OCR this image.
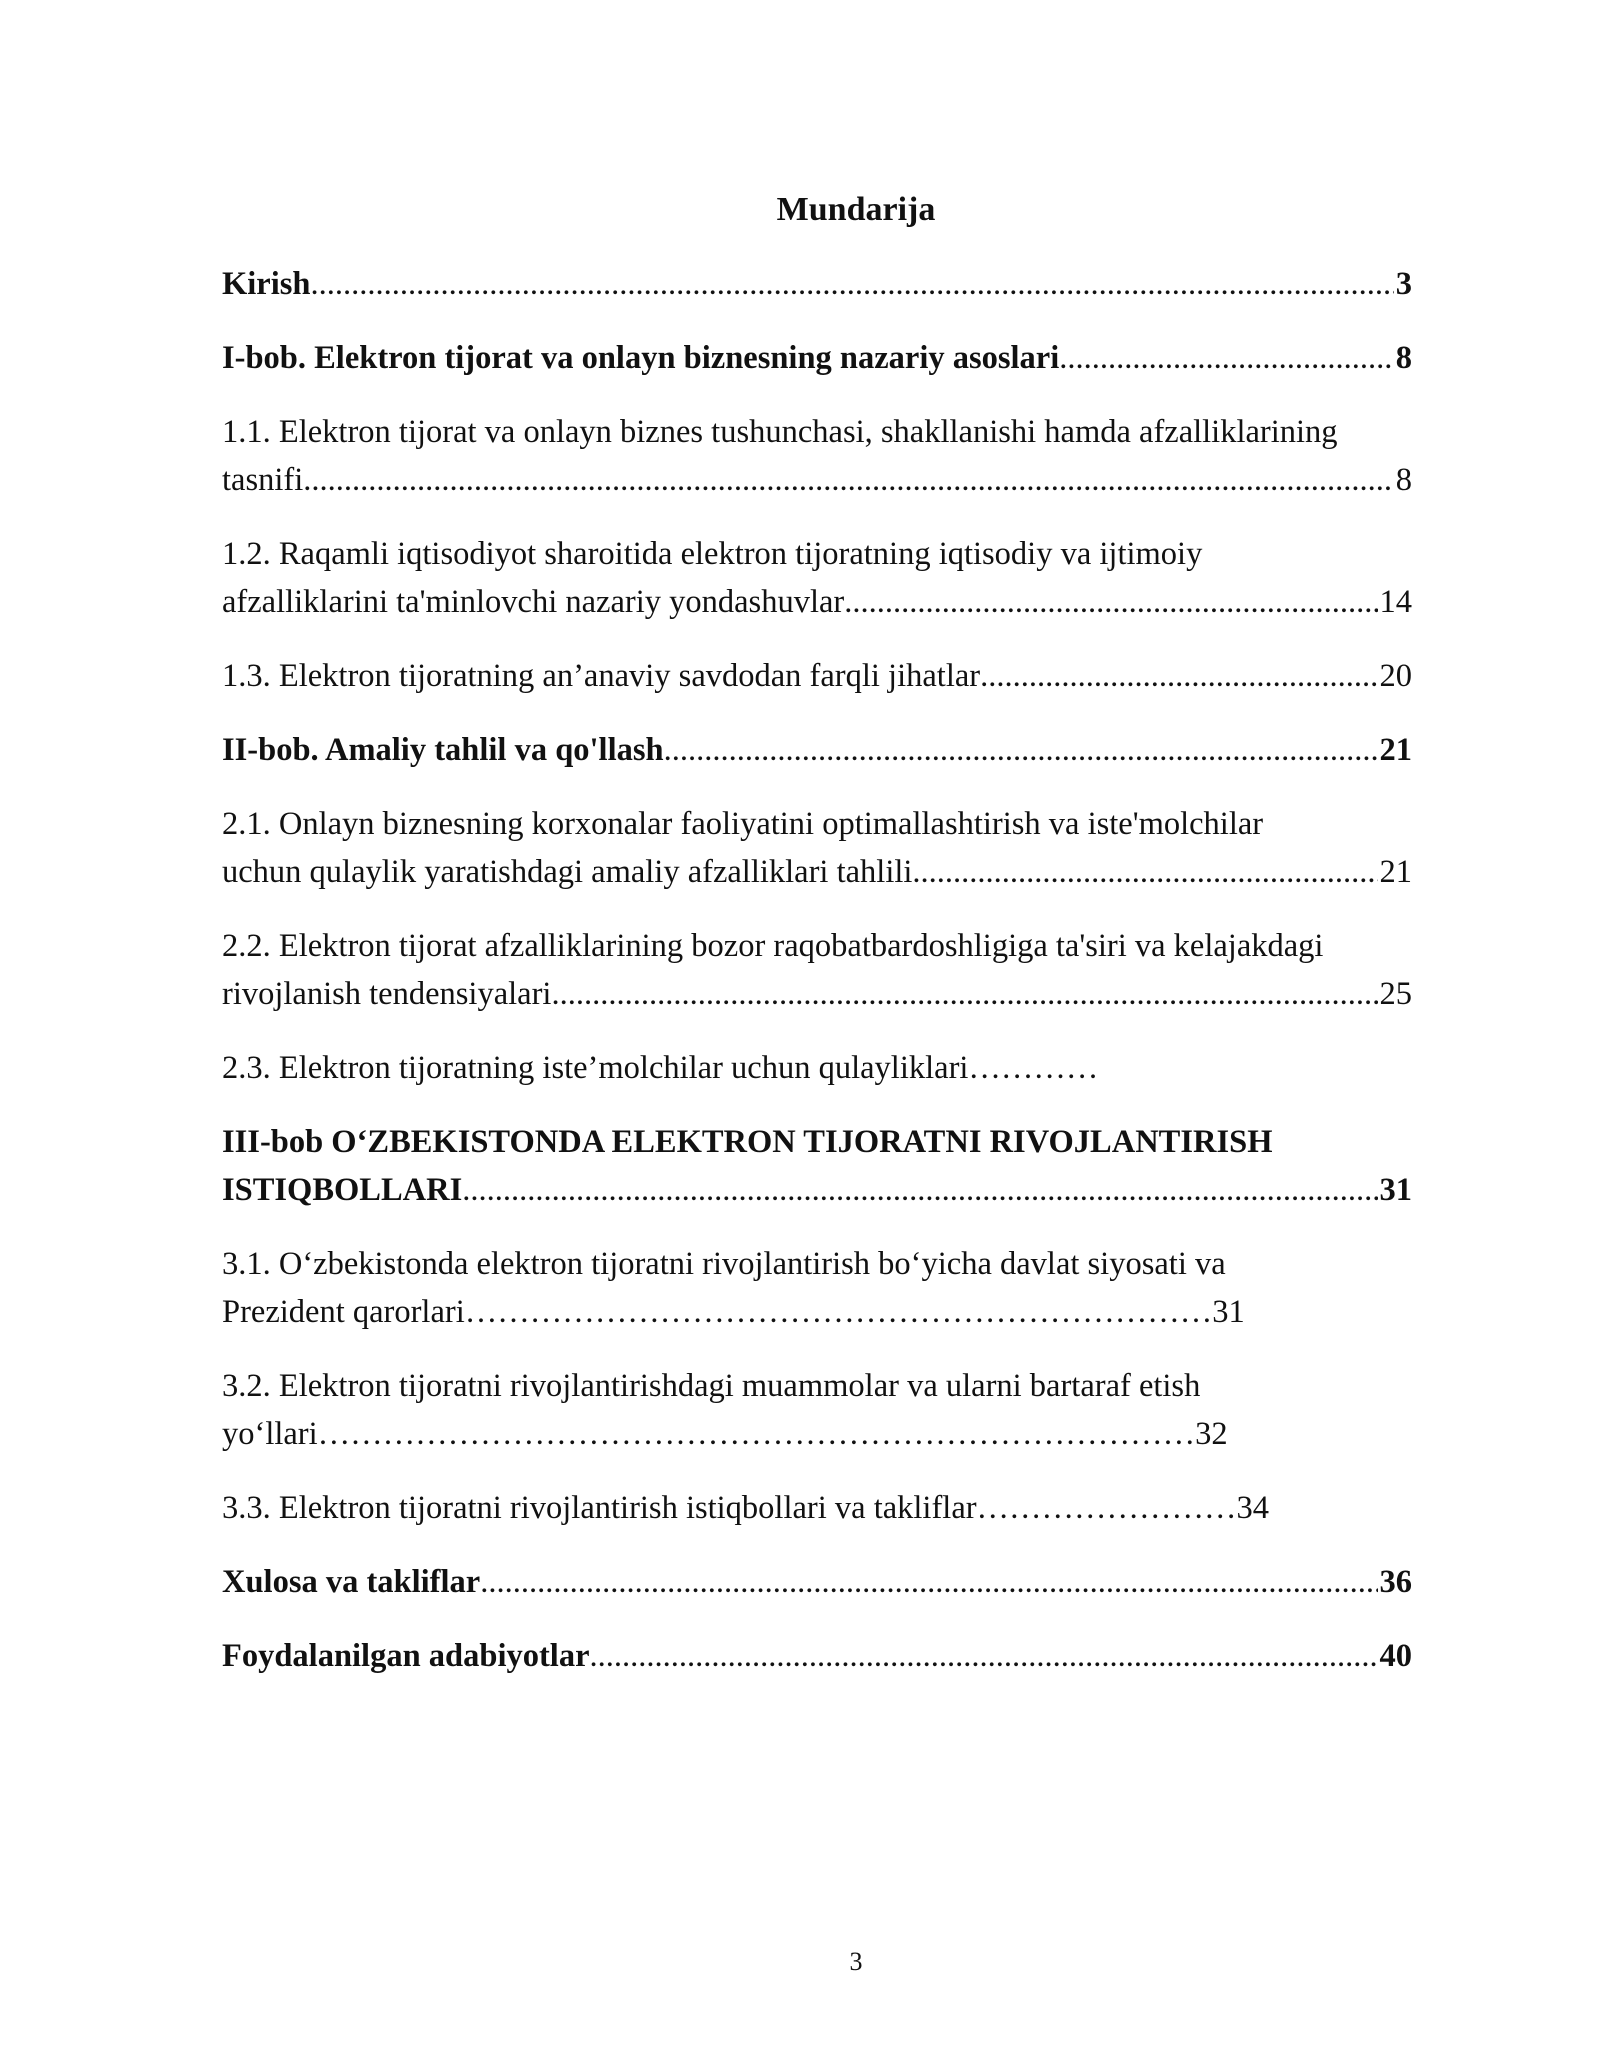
Mundarija
Kirish .....	3
I-bob. Elektron tijorat va onlayn biznesning nazariy asoslari .....	8
1.1. Elektron tijorat va onlayn biznes tushunchasi, shakllanishi hamda afzalliklarining
tasnifi .....	8
1.2. Raqamli iqtisodiyot sharoitida elektron tijoratning iqtisodiy va ijtimoiy
afzalliklarini ta'minlovchi nazariy yondashuvlar .....	14
1.3. Elektron tijoratning an’anaviy savdodan farqli jihatlar .....	20
II-bob. Amaliy tahlil va qo'llash .....	21
2.1. Onlayn biznesning korxonalar faoliyatini optimallashtirish va iste'molchilar
uchun qulaylik yaratishdagi amaliy afzalliklari tahlili .....	21
2.2. Elektron tijorat afzalliklarining bozor raqobatbardoshligiga ta'siri va kelajakdagi
rivojlanish tendensiyalari .....	25
2.3. Elektron tijoratning iste’molchilar uchun qulayliklari…………
III-bob O‘ZBEKISTONDA ELEKTRON TIJORATNI RIVOJLANTIRISH
ISTIQBOLLARI .....	31
3.1. O‘zbekistonda elektron tijoratni rivojlantirish bo‘yicha davlat siyosati va
Prezident qarorlari……………………………………………………………31
3.2. Elektron tijoratni rivojlantirishdagi muammolar va ularni bartaraf etish
yo‘llari………………………………………………………………………32
3.3. Elektron tijoratni rivojlantirish istiqbollari va takliflar……………………34
Xulosa va takliflar .....	36
Foydalanilgan adabiyotlar .....	40
3
